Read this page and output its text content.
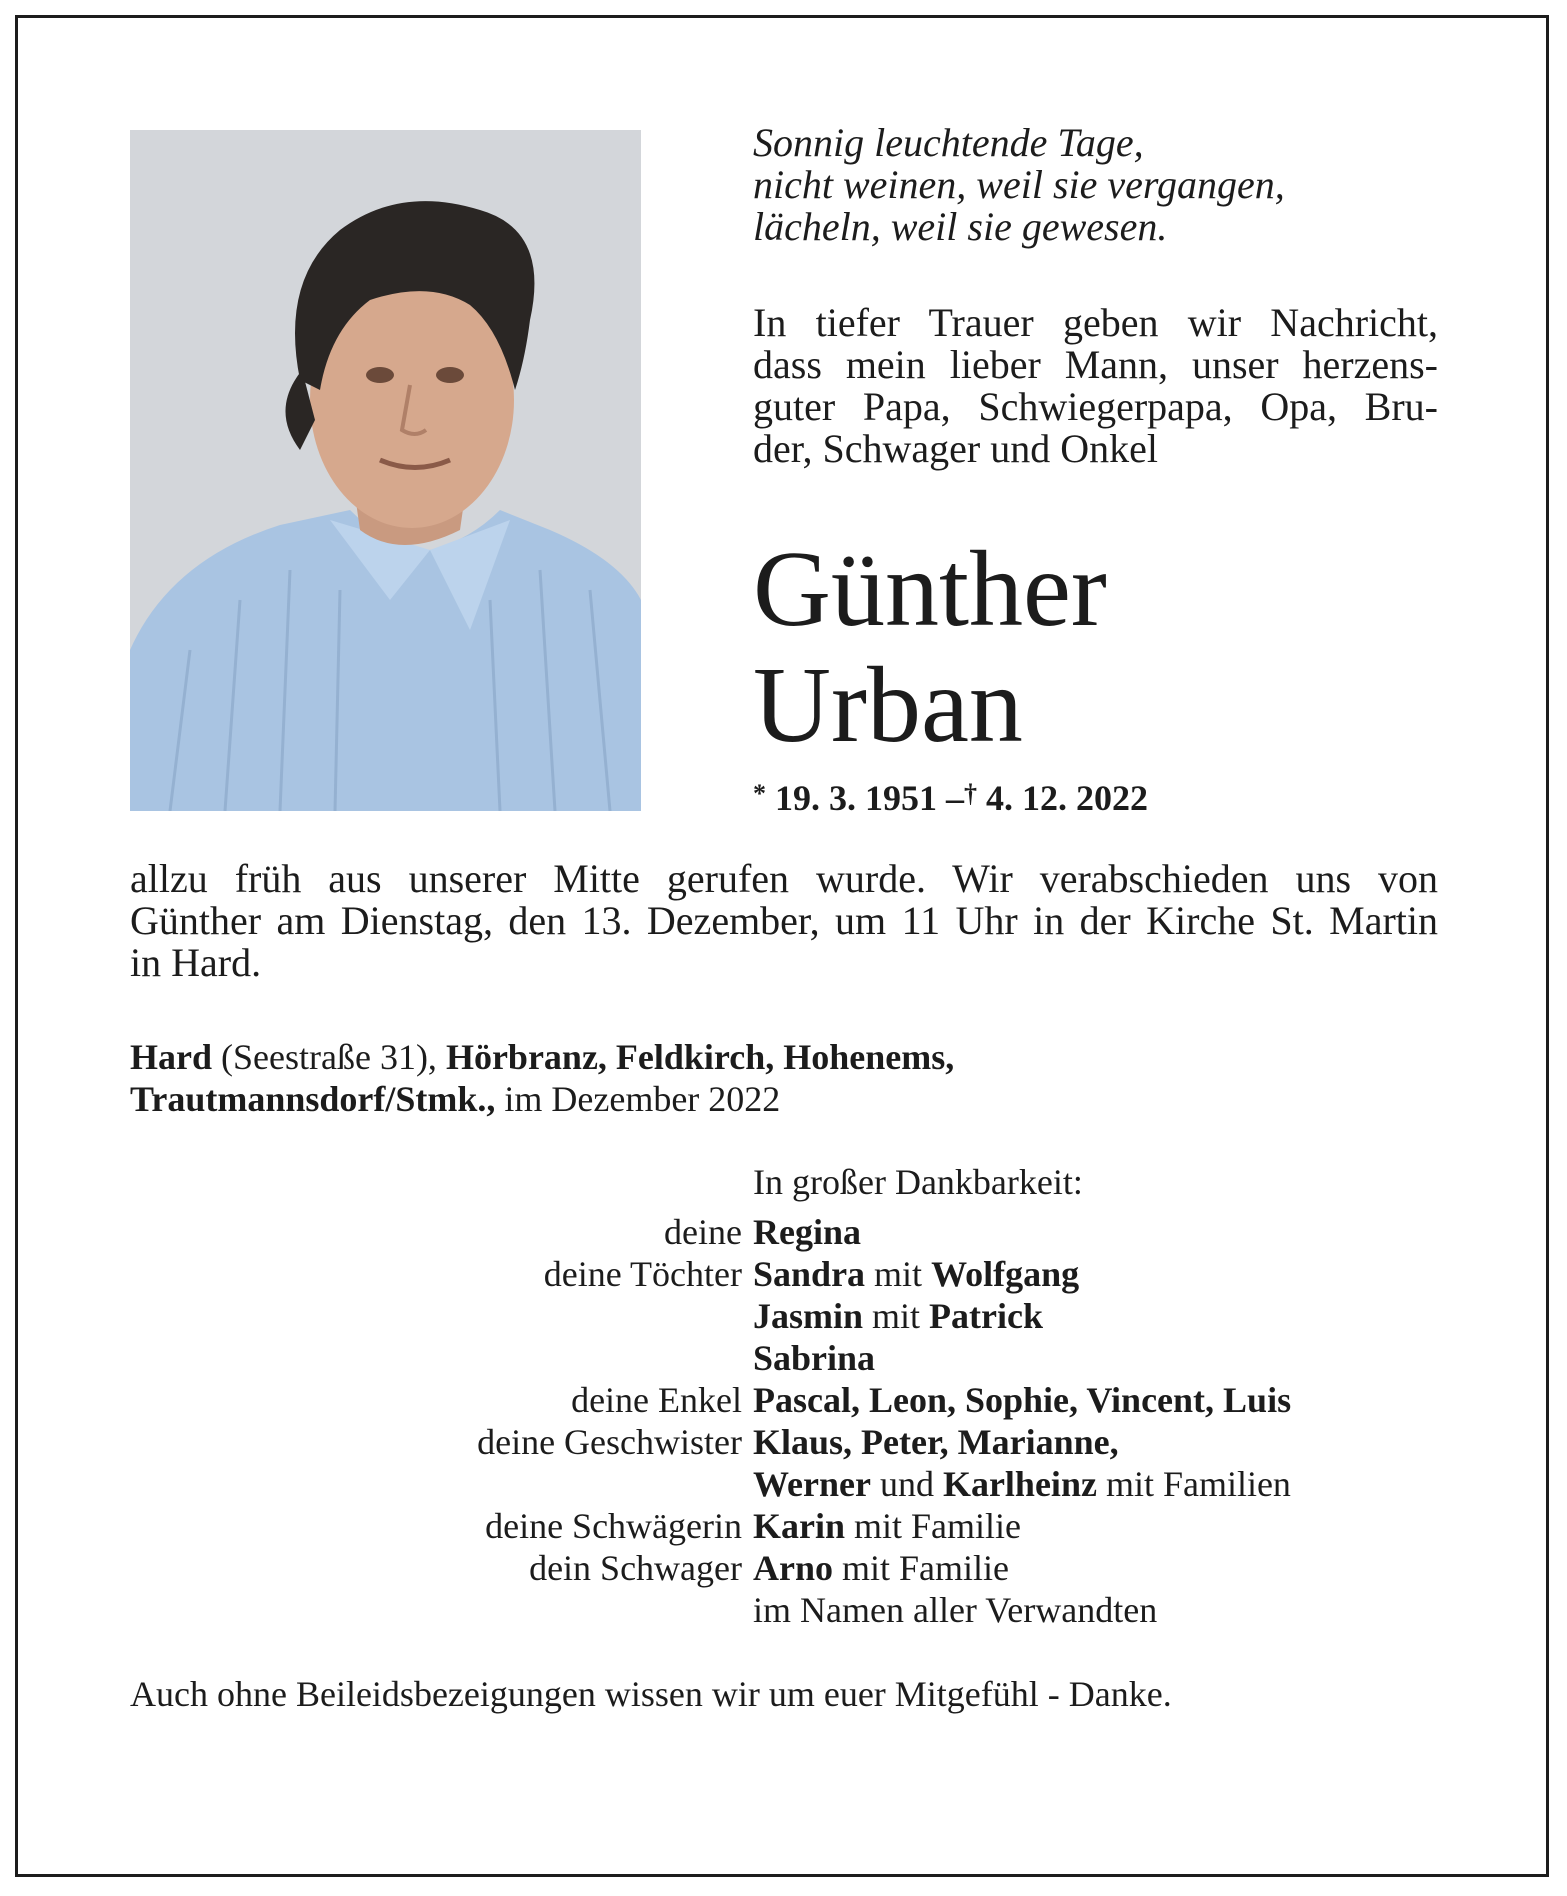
Sonnig leuchtende Tage,
nicht weinen, weil sie vergangen,
lächeln, weil sie gewesen.
In tiefer Trauer geben wir Nachricht,
dass mein lieber Mann, unser herzens-
guter Papa, Schwiegerpapa, Opa, Bru-
der, Schwager und Onkel
Günther
Urban
* 19. 3. 1951 –† 4. 12. 2022
allzu früh aus unserer Mitte gerufen wurde. Wir verabschieden uns von
Günther am Dienstag, den 13. Dezember, um 11 Uhr in der Kirche St. Martin
in Hard.
Hard (Seestraße 31), Hörbranz, Feldkirch, Hohenems,
Trautmannsdorf/Stmk., im Dezember 2022
In großer Dankbarkeit:
deine Regina
deine Töchter Sandra mit Wolfgang
Jasmin mit Patrick
Sabrina
deine Enkel Pascal, Leon, Sophie, Vincent, Luis
deine Geschwister Klaus, Peter, Marianne,
Werner und Karlheinz mit Familien
deine Schwägerin Karin mit Familie
dein Schwager Arno mit Familie
im Namen aller Verwandten
Auch ohne Beileidsbezeigungen wissen wir um euer Mitgefühl - Danke.
